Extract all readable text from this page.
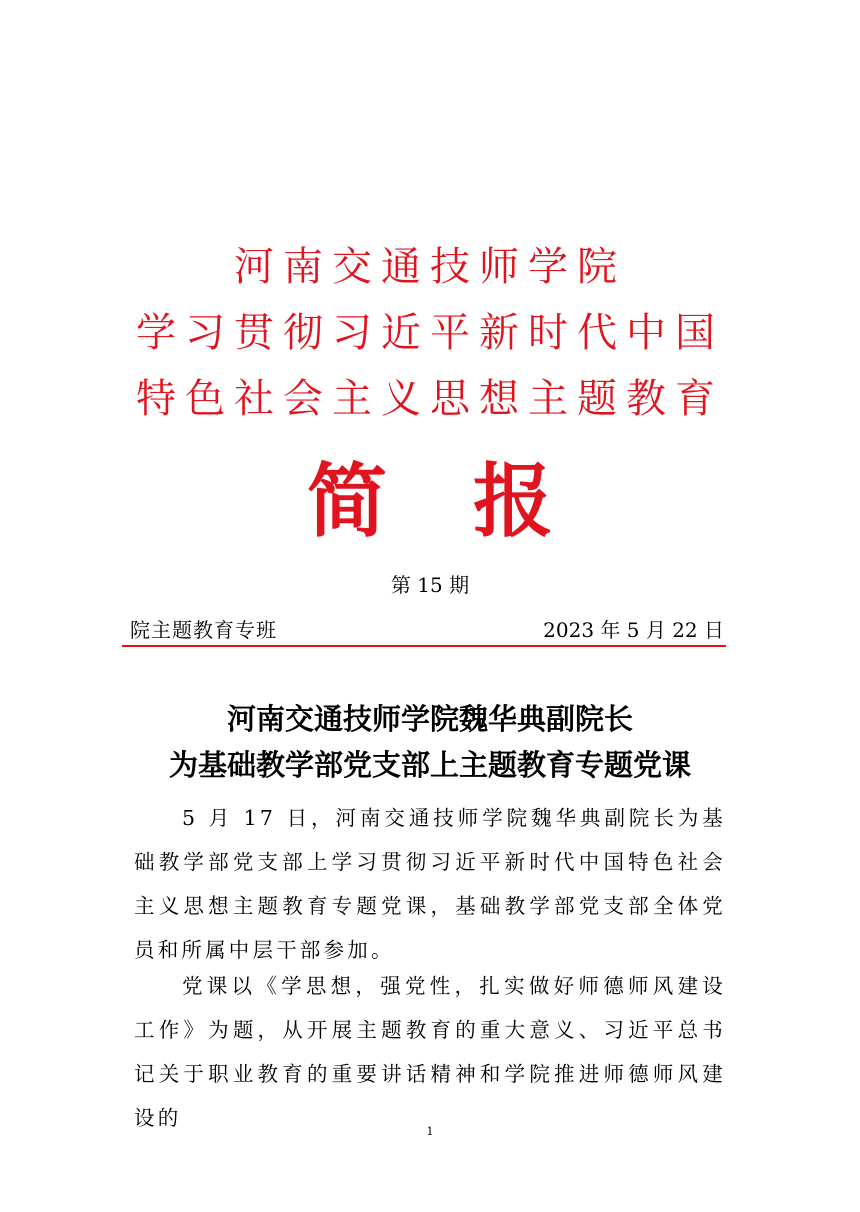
河南交通技师学院
学习贯彻习近平新时代中国
特色社会主义思想主题教育
简报
第 15 期
院主题教育专班	2023 年 5 月 22 日
河南交通技师学院魏华典副院长
为基础教学部党支部上主题教育专题党课

5 月 17 日，河南交通技师学院魏华典副院长为基础教学部党支部上学习贯彻习近平新时代中国特色社会主义思想主题教育专题党课，基础教学部党支部全体党员和所属中层干部参加。

党课以《学思想，强党性，扎实做好师德师风建设工作》为题，从开展主题教育的重大意义、习近平总书记关于职业教育的重要讲话精神和学院推进师德师风建设的

1
